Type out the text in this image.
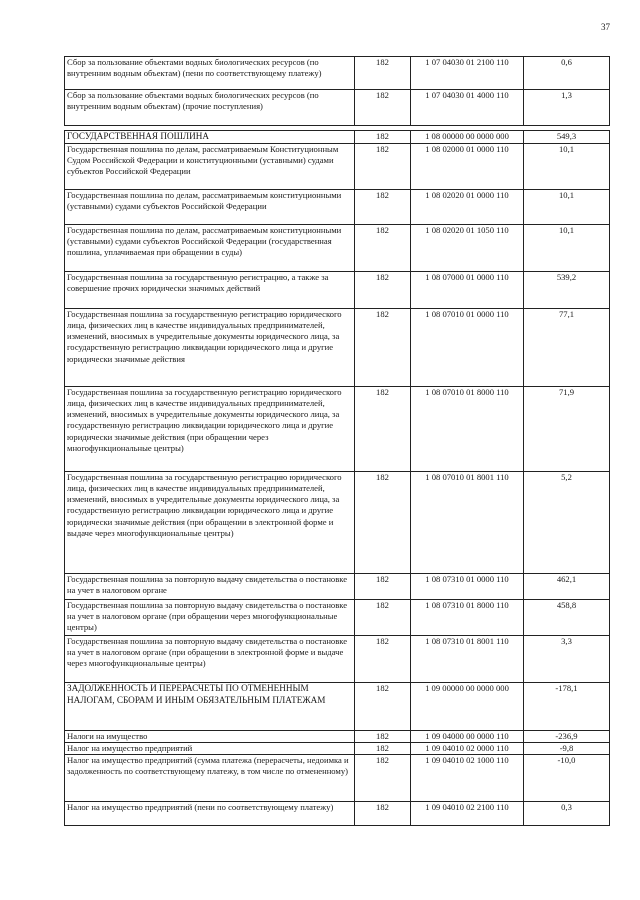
37
Сбор за пользование объектами водных биологических ресурсов (по внутренним водным объектам) (пени по соответствующему платежу)	182	1 07 04030 01 2100 110	0,6
Сбор за пользование объектами водных биологических ресурсов (по внутренним водным объектам) (прочие поступления)	182	1 07 04030 01 4000 110	1,3

ГОСУДАРСТВЕННАЯ ПОШЛИНА	182	1 08 00000 00 0000 000	549,3
Государственная пошлина по делам, рассматриваемым Конституционным Судом Российской Федерации и конституционными (уставными) судами субъектов Российской Федерации	182	1 08 02000 01 0000 110	10,1
Государственная пошлина по делам, рассматриваемым конституционными (уставными) судами субъектов Российской Федерации	182	1 08 02020 01 0000 110	10,1
Государственная пошлина по делам, рассматриваемым конституционными (уставными) судами субъектов Российской Федерации (государственная пошлина, уплачиваемая при обращении в суды)	182	1 08 02020 01 1050 110	10,1
Государственная пошлина за государственную регистрацию, а также за совершение прочих юридически значимых действий	182	1 08 07000 01 0000 110	539,2
Государственная пошлина за государственную регистрацию юридического лица, физических лиц в качестве индивидуальных предпринимателей, изменений, вносимых в учредительные документы юридического лица, за государственную регистрацию ликвидации юридического лица и другие юридически значимые действия	182	1 08 07010 01 0000 110	77,1
Государственная пошлина за государственную регистрацию юридического лица, физических лиц в качестве индивидуальных предпринимателей, изменений, вносимых в учредительные документы юридического лица, за государственную регистрацию ликвидации юридического лица и другие юридически значимые действия (при обращении через многофункциональные центры)	182	1 08 07010 01 8000 110	71,9
Государственная пошлина за государственную регистрацию юридического лица, физических лиц в качестве индивидуальных предпринимателей, изменений, вносимых в учредительные документы юридического лица, за государственную регистрацию ликвидации юридического лица и другие юридически значимые действия (при обращении в электронной форме и выдаче через многофункциональные центры)	182	1 08 07010 01 8001 110	5,2
Государственная пошлина за повторную выдачу свидетельства о постановке на учет в налоговом органе	182	1 08 07310 01 0000 110	462,1
Государственная пошлина за повторную выдачу свидетельства о постановке на учет в налоговом органе (при обращении через многофункциональные центры)	182	1 08 07310 01 8000 110	458,8
Государственная пошлина за повторную выдачу свидетельства о постановке на учет в налоговом органе (при обращении в электронной форме и выдаче через многофункциональные центры)	182	1 08 07310 01 8001 110	3,3
ЗАДОЛЖЕННОСТЬ И ПЕРЕРАСЧЕТЫ ПО ОТМЕНЕННЫМ НАЛОГАМ, СБОРАМ И ИНЫМ ОБЯЗАТЕЛЬНЫМ ПЛАТЕЖАМ	182	1 09 00000 00 0000 000	-178,1
Налоги на имущество	182	1 09 04000 00 0000 110	-236,9
Налог на имущество предприятий	182	1 09 04010 02 0000 110	-9,8
Налог на имущество предприятий (сумма платежа (перерасчеты, недоимка и задолженность по соответствующему платежу, в том числе по отмененному)	182	1 09 04010 02 1000 110	-10,0
Налог на имущество предприятий (пени по соответствующему платежу)	182	1 09 04010 02 2100 110	0,3
